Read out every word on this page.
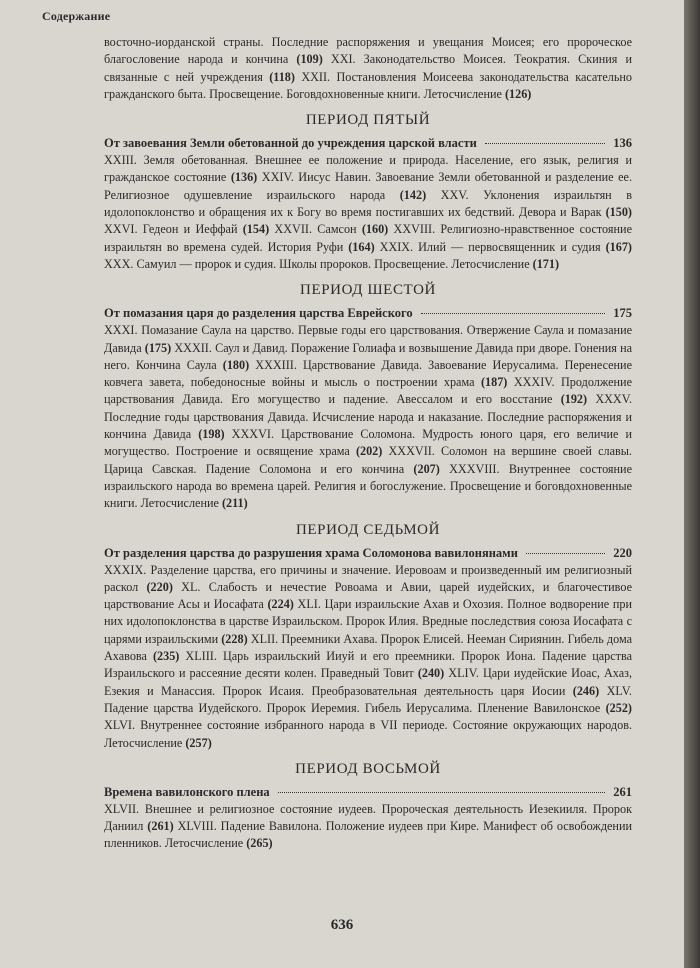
Содержание

восточно-иорданской страны. Последние распоряжения и увещания Моисея; его пророческое благословение народа и кончина (109) XXI. Законодательство Моисея. Теократия. Скиния и связанные с ней учреждения (118) XXII. Постановления Моисеева законодательства касательно гражданского быта. Просвещение. Боговдохновенные книги. Летосчисление (126)

ПЕРИОД ПЯТЫЙ
От завоевания Земли обетованной до учреждения царской власти	136

XXIII. Земля обетованная. Внешнее ее положение и природа. Население, его язык, религия и гражданское состояние (136) XXIV. Иисус Навин. Завоевание Земли обетованной и разделение ее. Религиозное одушевление израильского народа (142) XXV. Уклонения израильтян в идолопоклонство и обращения их к Богу во время постигавших их бедствий. Девора и Варак (150) XXVI. Гедеон и Иеффай (154) XXVII. Самсон (160) XXVIII. Религиозно-нравственное состояние израильтян во времена судей. История Руфи (164) XXIX. Илий — первосвященник и судия (167) XXX. Самуил — пророк и судия. Школы пророков. Просвещение. Летосчисление (171)

ПЕРИОД ШЕСТОЙ
От помазания царя до разделения царства Еврейского	175

XXXI. Помазание Саула на царство. Первые годы его царствования. Отвержение Саула и помазание Давида (175) XXXII. Саул и Давид. Поражение Голиафа и возвышение Давида при дворе. Гонения на него. Кончина Саула (180) XXXIII. Царствование Давида. Завоевание Иерусалима. Перенесение ковчега завета, победоносные войны и мысль о построении храма (187) XXXIV. Продолжение царствования Давида. Его могущество и падение. Авессалом и его восстание (192) XXXV. Последние годы царствования Давида. Исчисление народа и наказание. Последние распоряжения и кончина Давида (198) XXXVI. Царствование Соломона. Мудрость юного царя, его величие и могущество. Построение и освящение храма (202) XXXVII. Соломон на вершине своей славы. Царица Савская. Падение Соломона и его кончина (207) XXXVIII. Внутреннее состояние израильского народа во времена царей. Религия и богослужение. Просвещение и боговдохновенные книги. Летосчисление (211)

ПЕРИОД СЕДЬМОЙ
От разделения царства до разрушения храма Соломонова вавилонянами	220

XXXIX. Разделение царства, его причины и значение. Иеровоам и произведенный им религиозный раскол (220) XL. Слабость и нечестие Ровоама и Авии, царей иудейских, и благочестивое царствование Асы и Иосафата (224) XLI. Цари израильские Ахав и Охозия. Полное водворение при них идолопоклонства в царстве Израильском. Пророк Илия. Вредные последствия союза Иосафата с царями израильскими (228) XLII. Преемники Ахава. Пророк Елисей. Нееман Сириянин. Гибель дома Ахавова (235) XLIII. Царь израильский Ииуй и его преемники. Пророк Иона. Падение царства Израильского и рассеяние десяти колен. Праведный Товит (240) XLIV. Цари иудейские Иоас, Ахаз, Езекия и Манассия. Пророк Исаия. Преобразовательная деятельность царя Иосии (246) XLV. Падение царства Иудейского. Пророк Иеремия. Гибель Иерусалима. Пленение Вавилонское (252) XLVI. Внутреннее состояние избранного народа в VII периоде. Состояние окружающих народов. Летосчисление (257)

ПЕРИОД ВОСЬМОЙ
Времена вавилонского плена	261

XLVII. Внешнее и религиозное состояние иудеев. Пророческая деятельность Иезекииля. Пророк Даниил (261) XLVIII. Падение Вавилона. Положение иудеев при Кире. Манифест об освобождении пленников. Летосчисление (265)

636
